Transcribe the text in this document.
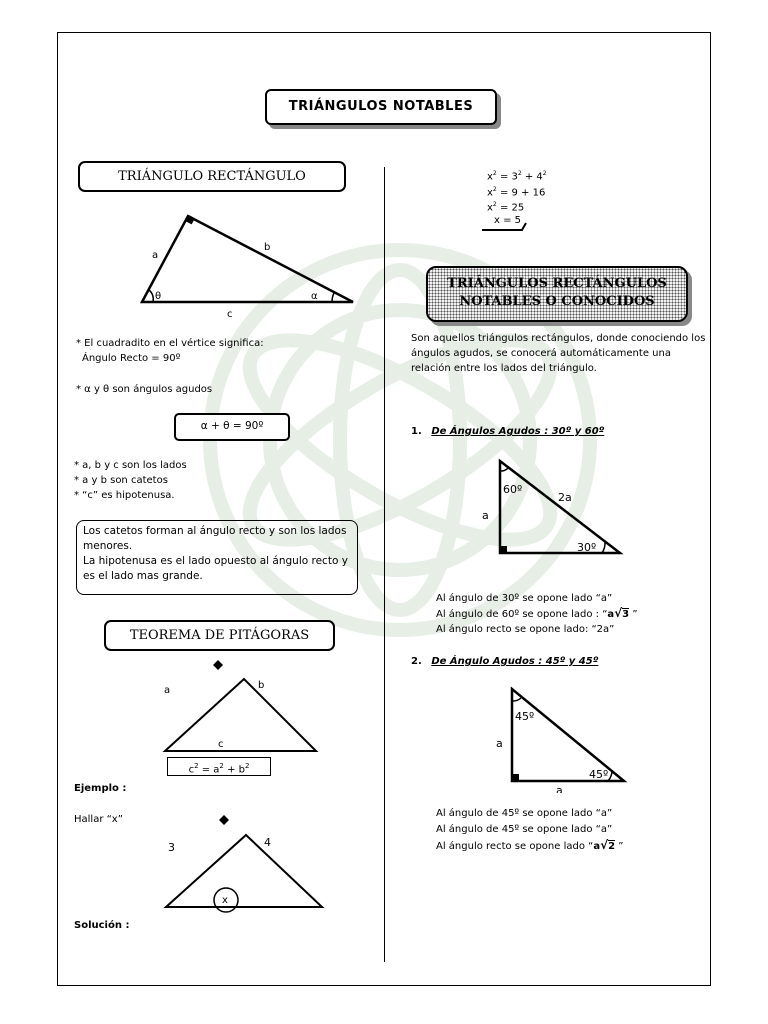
TRIÁNGULOS NOTABLES
TRIÁNGULO RECTÁNGULO
a
b
c
θ	α
* El cuadradito en el vértice significa:
Ángulo Recto = 90º
* α y θ son ángulos agudos
α + θ = 90º
* a, b y c son los lados
* a y b son catetos
* “c” es hipotenusa.
Los catetos forman al ángulo recto y son los lados menores.
La hipotenusa es el lado opuesto al ángulo recto y es el lado mas grande.
TEOREMA DE PITÁGORAS
a	b
c
$c^2 = a^2 + b^2$
Ejemplo :
Hallar “x”
3	4
x
Solución :
$x^2 = 3^2 + 4^2$
$x^2 = 9 + 16$
$x^2 = 25$
x = 5
TRIÁNGULOS RECTÁNGULOS
NOTABLES O CONOCIDOS
Son aquellos triángulos rectángulos, donde conociendo los ángulos agudos, se conocerá automáticamente una relación entre los lados del triángulo.
1. De Ángulos Agudos : 30º y 60º
60º
2a
a
30º
Al ángulo de 30º se opone lado “a”
Al ángulo de 60º se opone lado : “a√3 ”
Al ángulo recto se opone lado: “2a”
2. De Ángulo Agudos : 45º y 45º
45º
a
45º
a
Al ángulo de 45º se opone lado “a”
Al ángulo de 45º se opone lado “a”
Al ángulo recto se opone lado “a√2 ”
